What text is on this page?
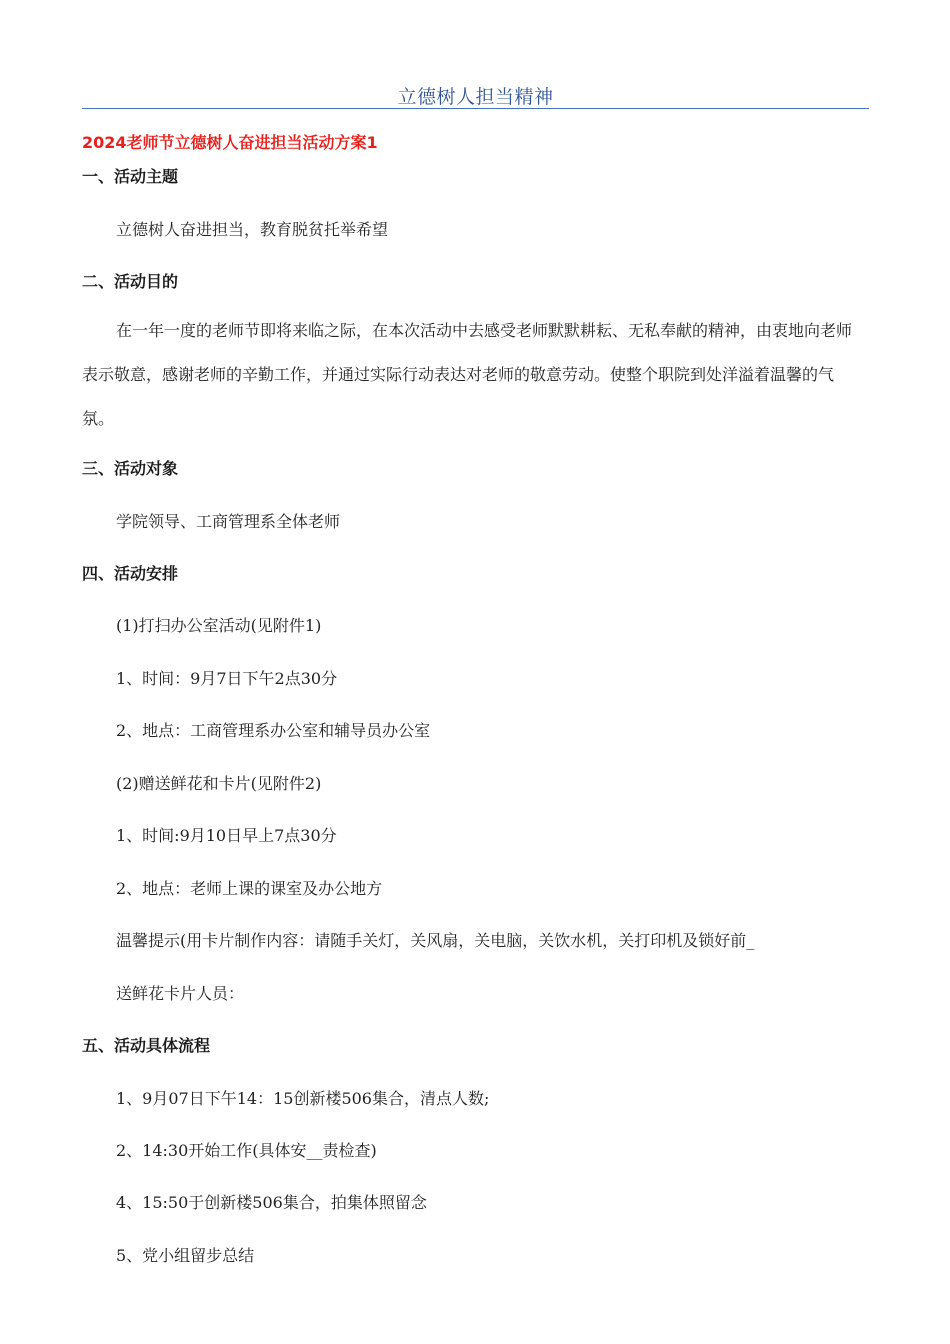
立德树人担当精神
2024老师节立德树人奋进担当活动方案1
一、活动主题
立德树人奋进担当，教育脱贫托举希望
二、活动目的
在一年一度的老师节即将来临之际，在本次活动中去感受老师默默耕耘、无私奉献的精神，由衷地向老师表示敬意，感谢老师的辛勤工作，并通过实际行动表达对老师的敬意劳动。使整个职院到处洋溢着温馨的气氛。
三、活动对象
学院领导、工商管理系全体老师
四、活动安排
(1)打扫办公室活动(见附件1)
1、时间：9月7日下午2点30分
2、地点：工商管理系办公室和辅导员办公室
(2)赠送鲜花和卡片(见附件2)
1、时间:9月10日早上7点30分
2、地点：老师上课的课室及办公地方
温馨提示(用卡片制作内容：请随手关灯，关风扇，关电脑，关饮水机，关打印机及锁好前_
送鲜花卡片人员：
五、活动具体流程
1、9月07日下午14：15创新楼506集合，清点人数;
2、14:30开始工作(具体安__责检查)
4、15:50于创新楼506集合，拍集体照留念
5、党小组留步总结
